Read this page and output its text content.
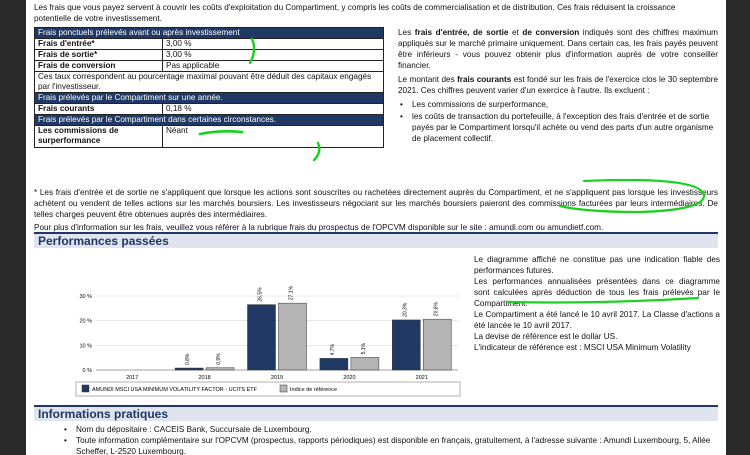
Les frais que vous payez servent à couvrir les coûts d'exploitation du Compartiment, y compris les coûts de commercialisation et de distribution. Ces frais réduisent la croissance potentielle de votre investissement.
Frais ponctuels prélevés avant ou après investissement	
Frais d'entrée*	3,00 %
Frais de sortie*	3,00 %
Frais de conversion	Pas applicable
Ces taux correspondent au pourcentage maximal pouvant être déduit des capitaux engagés par l'investisseur.	
Frais prélevés par le Compartiment sur une année.	
Frais courants	0,18 %
Frais prélevés par le Compartiment dans certaines circonstances.	
Les commissions de surperformance	Néant

Les frais d'entrée, de sortie et de conversion indiqués sont des chiffres maximum appliqués sur le marché primaire uniquement. Dans certain cas, les frais payés peuvent être inférieurs - vous pouvez obtenir plus d'information auprès de votre conseiller financier.

Le montant des frais courants est fondé sur les frais de l'exercice clos le 30 septembre 2021. Ces chiffres peuvent varier d'un exercice à l'autre. Ils excluent :

• Les commissions de surperformance,
• les coûts de transaction du portefeuille, à l'exception des frais d'entrée et de sortie payés par le Compartiment lorsqu'il achète ou vend des parts d'un autre organisme de placement collectif.
* Les frais d'entrée et de sortie ne s'appliquent que lorsque les actions sont souscrites ou rachetées directement auprès du Compartiment, et ne s'appliquent pas lorsque les investisseurs achètent ou vendent de telles actions sur les marchés boursiers. Les investisseurs négociant sur les marchés boursiers paieront des commissions facturées par leurs intermédiaires. De telles charges peuvent être obtenues auprès des intermédiaires.
Pour plus d'information sur les frais, veuillez vous référer à la rubrique frais du prospectus de l'OPCVM disponible sur le site : amundi.com ou amundietf.com.
Performances passées
0 %
10 %
20 %
30 %
2017	2018
0,8%	0,9%
2019
26,5%	27,1%
2020
4,7%	5,1%
2021
20,3%	20,6%
AMUNDI MSCI USA MINIMUM VOLATILITY FACTOR - UCITS ETF	Indice de référence

Le diagramme affiché ne constitue pas une indication fiable des performances futures.

Les performances annualisées présentées dans ce diagramme sont calculées après déduction de tous les frais prélevés par le Compartiment.

Le Compartiment a été lancé le 10 avril 2017. La Classe d'actions a été lancée le 10 avril 2017.

La devise de référence est le dollar US.

L'indicateur de référence est : MSCI USA Minimum Volatility

Informations pratiques
• Nom du dépositaire : CACEIS Bank, Succursale de Luxembourg.
• Toute information complémentaire sur l'OPCVM (prospectus, rapports périodiques) est disponible en français, gratuitement, à l'adresse suivante : Amundi Luxembourg, 5, Allée Scheffer, L-2520 Luxembourg.
